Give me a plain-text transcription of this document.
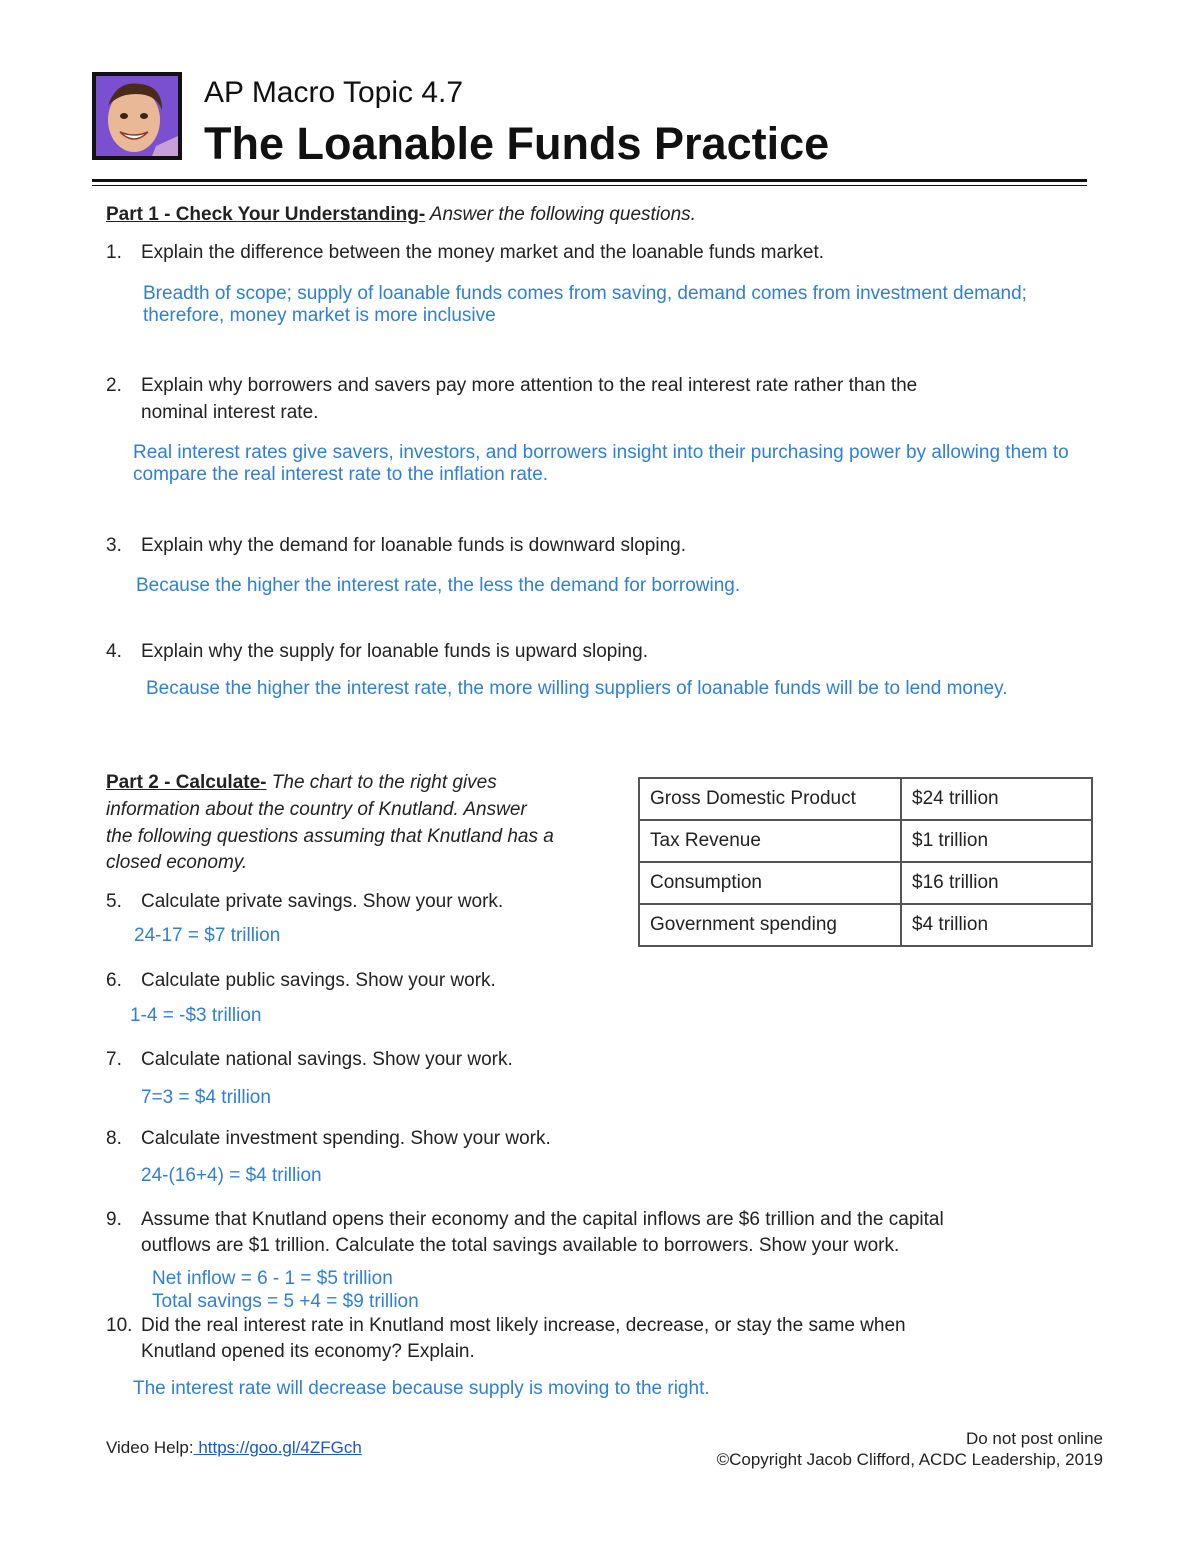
AP Macro Topic 4.7
The Loanable Funds Practice
Part 1 - Check Your Understanding- Answer the following questions.
1. Explain the difference between the money market and the loanable funds market.
Breadth of scope; supply of loanable funds comes from saving, demand comes from investment demand;
therefore, money market is more inclusive
2. Explain why borrowers and savers pay more attention to the real interest rate rather than the
nominal interest rate.
Real interest rates give savers, investors, and borrowers insight into their purchasing power by allowing them to
compare the real interest rate to the inflation rate.
3. Explain why the demand for loanable funds is downward sloping.
Because the higher the interest rate, the less the demand for borrowing.
4. Explain why the supply for loanable funds is upward sloping.
Because the higher the interest rate, the more willing suppliers of loanable funds will be to lend money.
Part 2 - Calculate- The chart to the right gives
information about the country of Knutland. Answer
the following questions assuming that Knutland has a
closed economy.
Gross Domestic Product	$24 trillion
Tax Revenue	$1 trillion
Consumption	$16 trillion
Government spending	$4 trillion
5. Calculate private savings. Show your work.
24-17 = $7 trillion
6. Calculate public savings. Show your work.
1-4 = -$3 trillion
7. Calculate national savings. Show your work.
7=3 = $4 trillion
8. Calculate investment spending. Show your work.
24-(16+4) = $4 trillion
9. Assume that Knutland opens their economy and the capital inflows are $6 trillion and the capital
outflows are $1 trillion. Calculate the total savings available to borrowers. Show your work.
Net inflow = 6 - 1 = $5 trillion
Total savings = 5 +4 = $9 trillion
10. Did the real interest rate in Knutland most likely increase, decrease, or stay the same when
Knutland opened its economy? Explain.
The interest rate will decrease because supply is moving to the right.
Video Help: https://goo.gl/4ZFGch	Do not post online
©Copyright Jacob Clifford, ACDC Leadership, 2019
